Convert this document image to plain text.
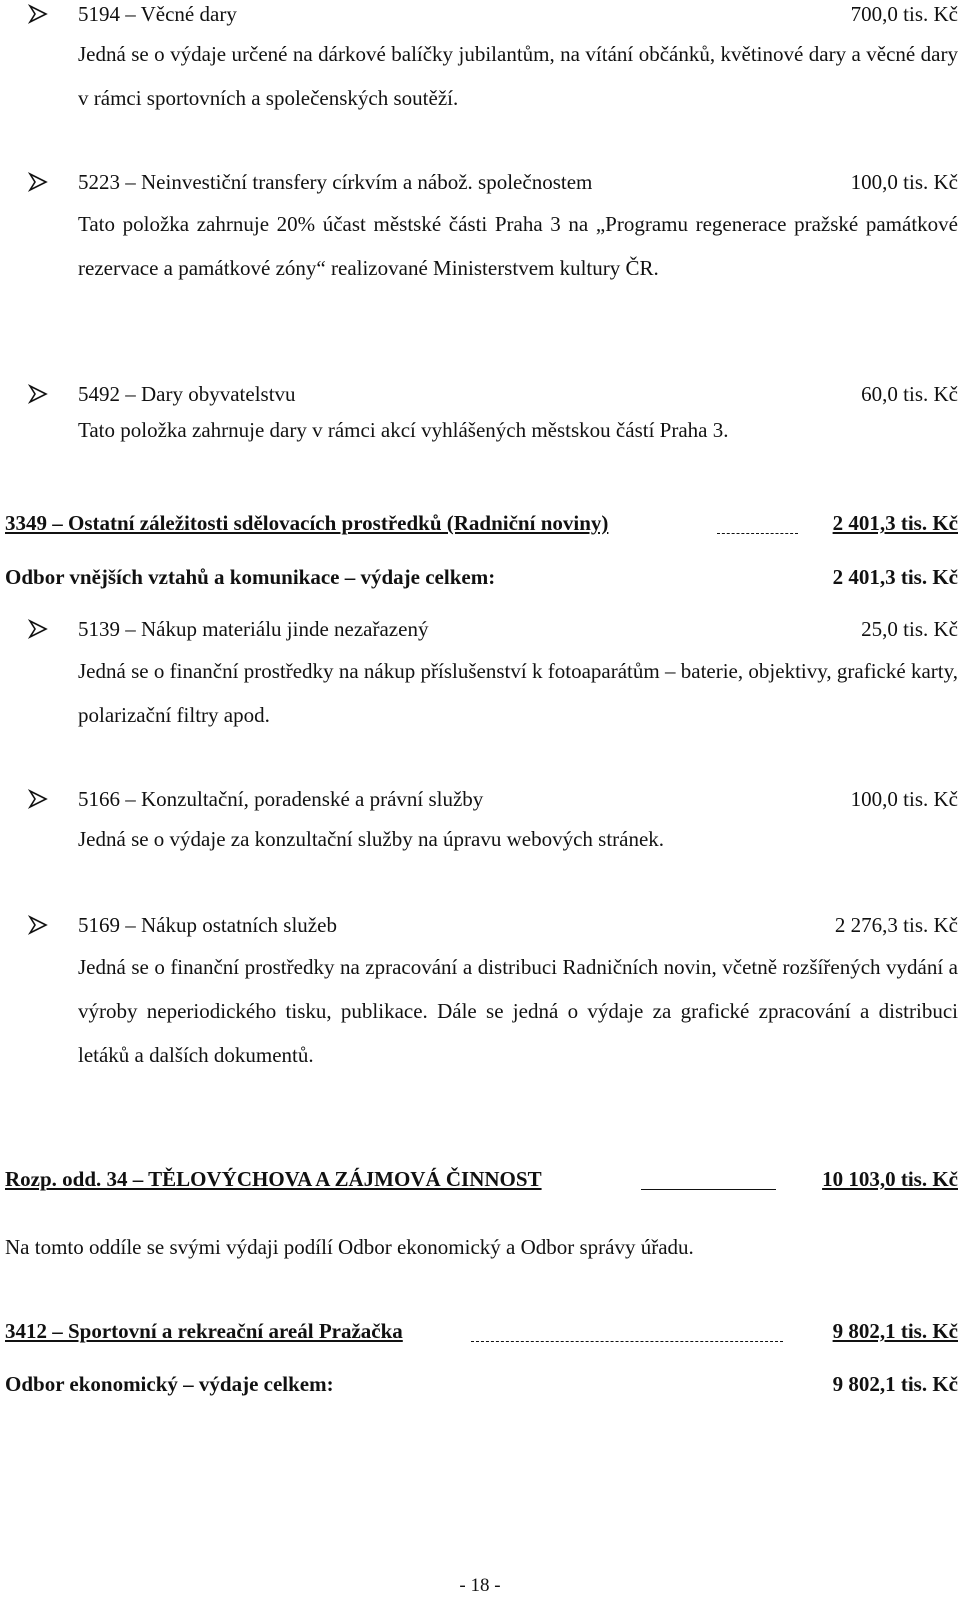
5194 – Věcné dary	700,0 tis. Kč
Jedná se o výdaje určené na dárkové balíčky jubilantům, na vítání občánků, květinové dary a věcné dary v rámci sportovních a společenských soutěží.
5223 – Neinvestiční transfery církvím a nábož. společnostem	100,0 tis. Kč
Tato položka zahrnuje 20% účast městské části Praha 3 na „Programu regenerace pražské památkové rezervace a památkové zóny“ realizované Ministerstvem kultury ČR.
5492 – Dary obyvatelstvu	60,0 tis. Kč
Tato položka zahrnuje dary v rámci akcí vyhlášených městskou částí Praha 3.
3349 – Ostatní záležitosti sdělovacích prostředků (Radniční noviny)	2 401,3 tis. Kč
Odbor vnějších vztahů a komunikace – výdaje celkem:	2 401,3 tis. Kč
5139 – Nákup materiálu jinde nezařazený	25,0 tis. Kč
Jedná se o finanční prostředky na nákup příslušenství k fotoaparátům – baterie, objektivy, grafické karty, polarizační filtry apod.
5166 – Konzultační, poradenské a právní služby	100,0 tis. Kč
Jedná se o výdaje za konzultační služby na úpravu webových stránek.
5169 – Nákup ostatních služeb	2 276,3 tis. Kč
Jedná se o finanční prostředky na zpracování a distribuci Radničních novin, včetně rozšířených vydání a výroby neperiodického tisku, publikace. Dále se jedná o výdaje za grafické zpracování a distribuci letáků a dalších dokumentů.
Rozp. odd. 34 – TĚLOVÝCHOVA A ZÁJMOVÁ ČINNOST	10 103,0 tis. Kč
Na tomto oddíle se svými výdaji podílí Odbor ekonomický a Odbor správy úřadu.
3412 – Sportovní a rekreační areál Pražačka	9 802,1 tis. Kč
Odbor ekonomický – výdaje celkem:	9 802,1 tis. Kč
- 18 -
